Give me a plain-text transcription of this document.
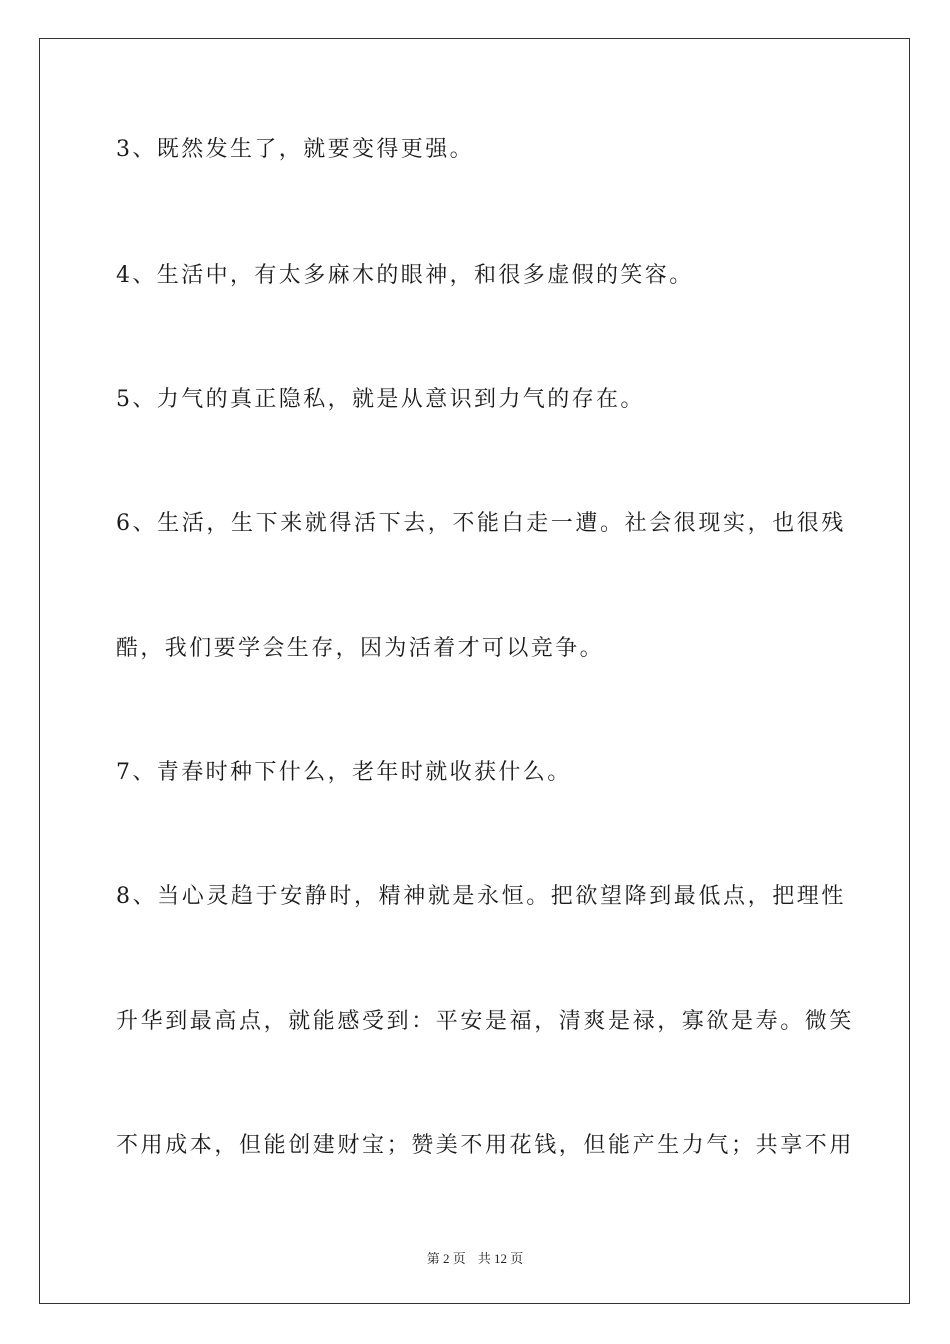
3、既然发生了，就要变得更强。
4、生活中，有太多麻木的眼神，和很多虚假的笑容。
5、力气的真正隐私，就是从意识到力气的存在。
6、生活，生下来就得活下去，不能白走一遭。社会很现实，也很残
酷，我们要学会生存，因为活着才可以竞争。
7、青春时种下什么，老年时就收获什么。
8、当心灵趋于安静时，精神就是永恒。把欲望降到最低点，把理性
升华到最高点，就能感受到：平安是福，清爽是禄，寡欲是寿。微笑
不用成本，但能创建财宝；赞美不用花钱，但能产生力气；共享不用
第 2 页 共 12 页
